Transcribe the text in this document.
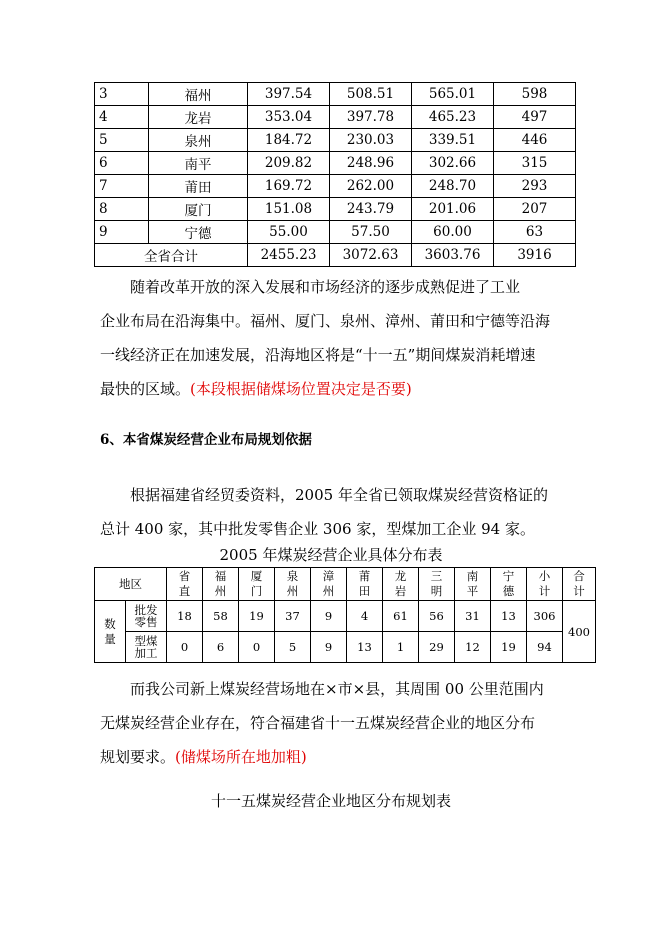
3	福州	397.54	508.51	565.01	598
4	龙岩	353.04	397.78	465.23	497
5	泉州	184.72	230.03	339.51	446
6	南平	209.82	248.96	302.66	315
7	莆田	169.72	262.00	248.70	293
8	厦门	151.08	243.79	201.06	207
9	宁德	55.00	57.50	60.00	63
全省合计		2455.23	3072.63	3603.76	3916
随着改革开放的深入发展和市场经济的逐步成熟促进了工业
企业布局在沿海集中。福州、厦门、泉州、漳州、莆田和宁德等沿海
一线经济正在加速发展，沿海地区将是“十一五”期间煤炭消耗增速
最快的区域。(本段根据储煤场位置决定是否要)
6、本省煤炭经营企业布局规划依据
根据福建省经贸委资料，2005 年全省已领取煤炭经营资格证的
总计 400 家，其中批发零售企业 306 家，型煤加工企业 94 家。
2005 年煤炭经营企业具体分布表
地区		省直	福州	厦门	泉州	漳州	莆田	龙岩	三明	南平	宁德	小计	合计
数量	批发零售	18	58	19	37	9	4	61	56	31	13	306	400
	型煤加工	0	6	0	5	9	13	1	29	12	19	94	
而我公司新上煤炭经营场地在×市×县，其周围 00 公里范围内
无煤炭经营企业存在，符合福建省十一五煤炭经营企业的地区分布
规划要求。(储煤场所在地加粗)
十一五煤炭经营企业地区分布规划表
